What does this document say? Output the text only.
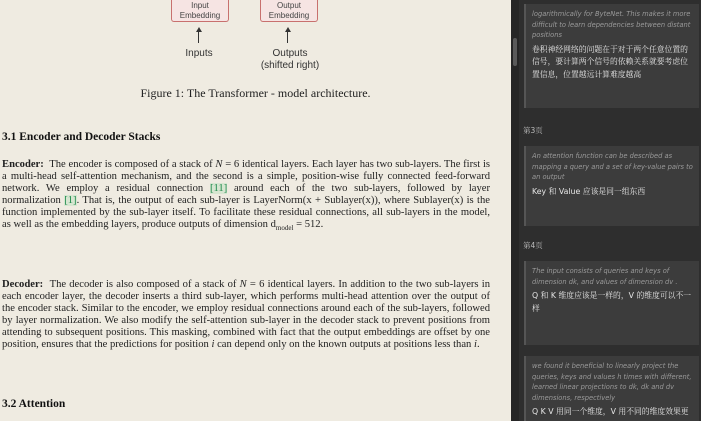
Input
Embedding
Output
Embedding
Inputs	Outputs
(shifted right)
Figure 1: The Transformer - model architecture.
3.1 Encoder and Decoder Stacks
Encoder: The encoder is composed of a stack of N = 6 identical layers. Each layer has two sub-layers. The first is a multi-head self-attention mechanism, and the second is a simple, position-wise fully connected feed-forward network. We employ a residual connection [11] around each of the two sub-layers, followed by layer normalization [1]. That is, the output of each sub-layer is LayerNorm(x + Sublayer(x)), where Sublayer(x) is the function implemented by the sub-layer itself. To facilitate these residual connections, all sub-layers in the model, as well as the embedding layers, produce outputs of dimension $d_{model} = 512$.
Decoder: The decoder is also composed of a stack of N = 6 identical layers. In addition to the two sub-layers in each encoder layer, the decoder inserts a third sub-layer, which performs multi-head attention over the output of the encoder stack. Similar to the encoder, we employ residual connections around each of the sub-layers, followed by layer normalization. We also modify the self-attention sub-layer in the decoder stack to prevent positions from attending to subsequent positions. This masking, combined with fact that the output embeddings are offset by one position, ensures that the predictions for position i can depend only on the known outputs at positions less than i.
3.2 Attention
logarithmically for ByteNet. This makes it more difficult to learn dependencies between distant positions
卷积神经网络的问题在于对于两个任意位置的信号，要计算两个信号的依赖关系就要考虑位置信息，位置越远计算难度越高
第3页
An attention function can be described as mapping a query and a set of key-value pairs to an output
Key 和 Value 应该是同一组东西
第4页
The input consists of queries and keys of dimension dk, and values of dimension dv .
Q 和 K 维度应该是一样的，V 的维度可以不一样
we found it beneficial to linearly project the queries, keys and values h times with different, learned linear projections to dk, dk and dv dimensions, respectively
Q K V 用同一个维度，V 用不同的维度效果更
